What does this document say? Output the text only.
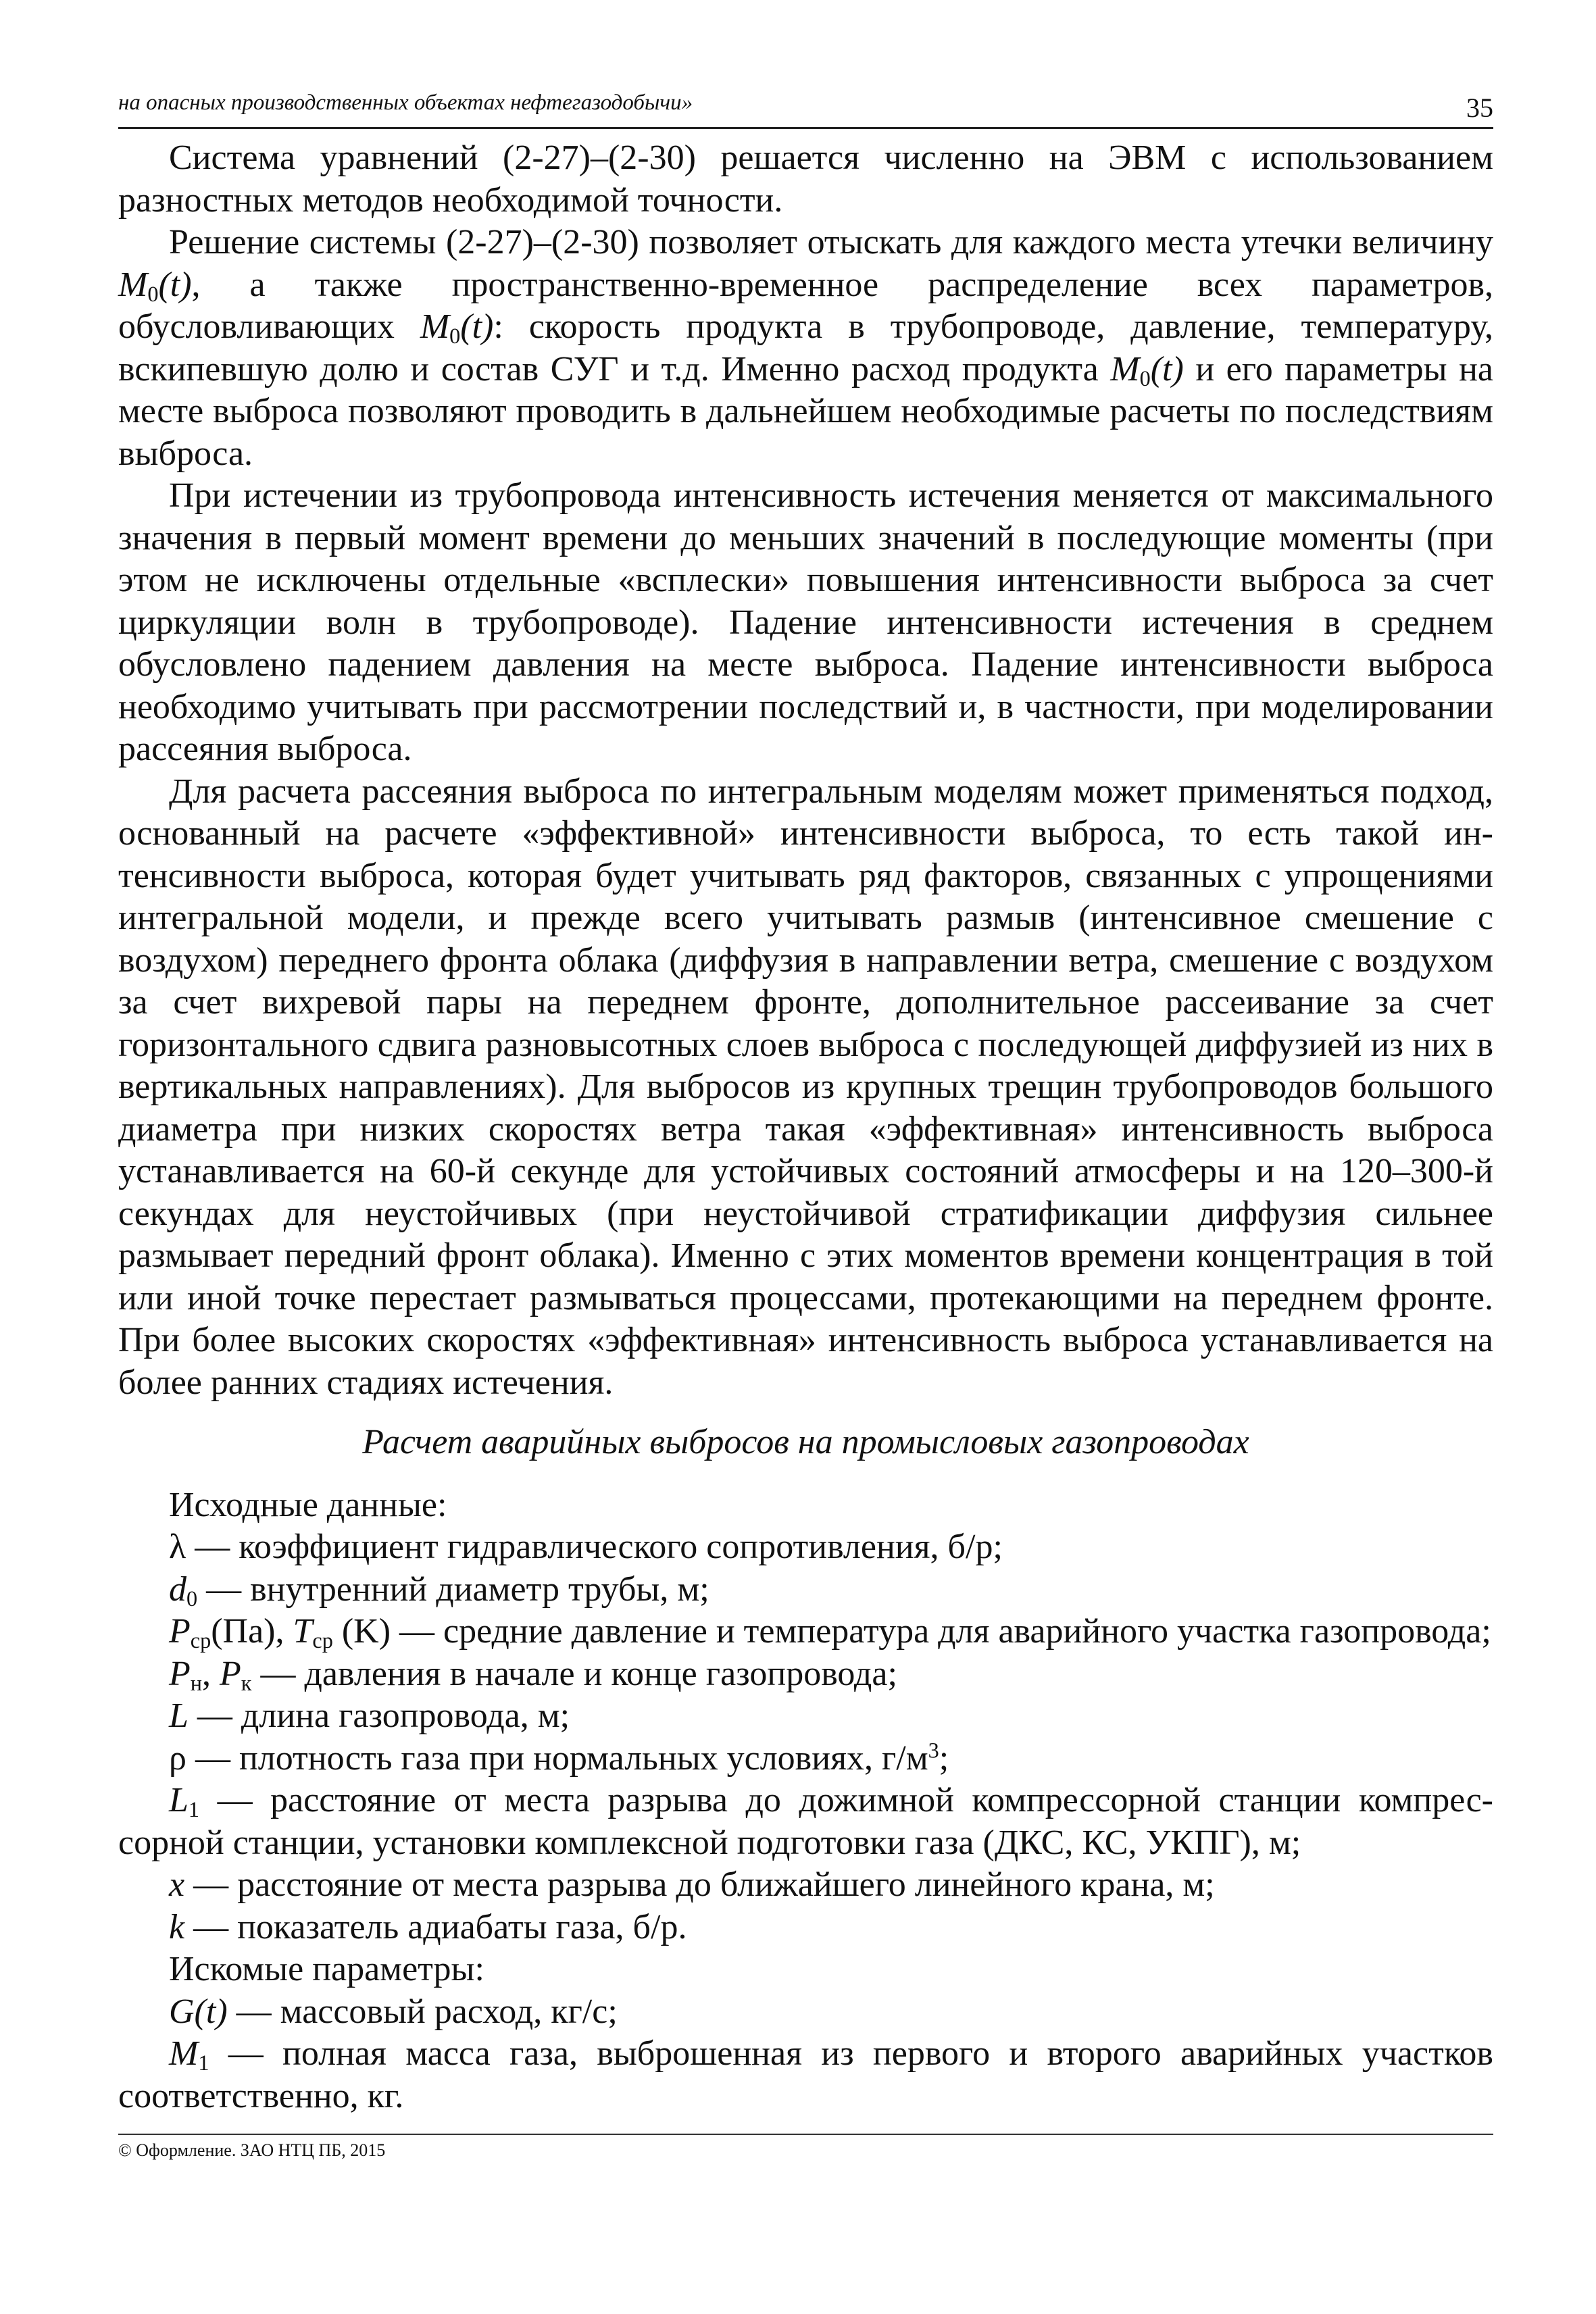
на опасных производственных объектах нефтегазодобычи»	35

Система уравнений (2-27)–(2-30) решается численно на ЭВМ с использованием разностных методов необходимой точности.

Решение системы (2-27)–(2-30) позволяет отыскать для каждого места утечки величину $M_0(t)$, а также пространственно-временное распределение всех параметров, обусловливающих $M_0(t)$: скорость продукта в трубопроводе, давление, температуру, вскипевшую долю и состав СУГ и т.д. Именно расход продукта $M_0(t)$ и его параметры на месте выброса позволяют проводить в дальнейшем необходимые расчеты по последствиям выброса.

При истечении из трубопровода интенсивность истечения меняется от максимального значения в первый момент времени до меньших значений в последующие моменты (при этом не исключены отдельные «всплески» повышения интенсивности выброса за счет циркуляции волн в трубопроводе). Падение интенсивности истечения в среднем обусловлено падением давления на месте выброса. Падение интенсивности выброса необходимо учитывать при рассмотрении последствий и, в частности, при моделировании рассеяния выброса.

Для расчета рассеяния выброса по интегральным моделям может применяться подход, основанный на расчете «эффективной» интенсивности выброса, то есть такой интенсивности выброса, которая будет учитывать ряд факторов, связанных с упрощениями интегральной модели, и прежде всего учитывать размыв (интенсивное смешение с воздухом) переднего фронта облака (диффузия в направлении ветра, смешение с воздухом за счет вихревой пары на переднем фронте, дополнительное рассеивание за счет горизонтального сдвига разновысотных слоев выброса с последующей диффузией из них в вертикальных направлениях). Для выбросов из крупных трещин трубопроводов большого диаметра при низких скоростях ветра такая «эффективная» интенсивность выброса устанавливается на 60-й секунде для устойчивых состояний атмосферы и на 120–300-й секундах для неустойчивых (при неустойчивой стратификации диффузия сильнее размывает передний фронт облака). Именно с этих моментов времени концентрация в той или иной точке перестает размываться процессами, протекающими на переднем фронте. При более высоких скоростях «эффективная» интенсивность выброса устанавливается на более ранних стадиях истечения.

Расчет аварийных выбросов на промысловых газопроводах

Исходные данные:

λ — коэффициент гидравлического сопротивления, б/р;

$d_0$ — внутренний диаметр трубы, м;

$P_{ср}(Па)$, $T_{ср}$ (K) — средние давление и температура для аварийного участка газопровода;

$P_н$, $P_к$ — давления в начале и конце газопровода;

L — длина газопровода, м;

ρ — плотность газа при нормальных условиях, $г/м^3$;

$L_1$ — расстояние от места разрыва до дожимной компрессорной станции компрессорной станции, установки комплексной подготовки газа (ДКС, КС, УКПГ), м;

x — расстояние от места разрыва до ближайшего линейного крана, м;

k — показатель адиабаты газа, б/р.

Искомые параметры:

G(t) — массовый расход, кг/с;

$M_1$ — полная масса газа, выброшенная из первого и второго аварийных участков соответственно, кг.

© Оформление. ЗАО НТЦ ПБ, 2015
